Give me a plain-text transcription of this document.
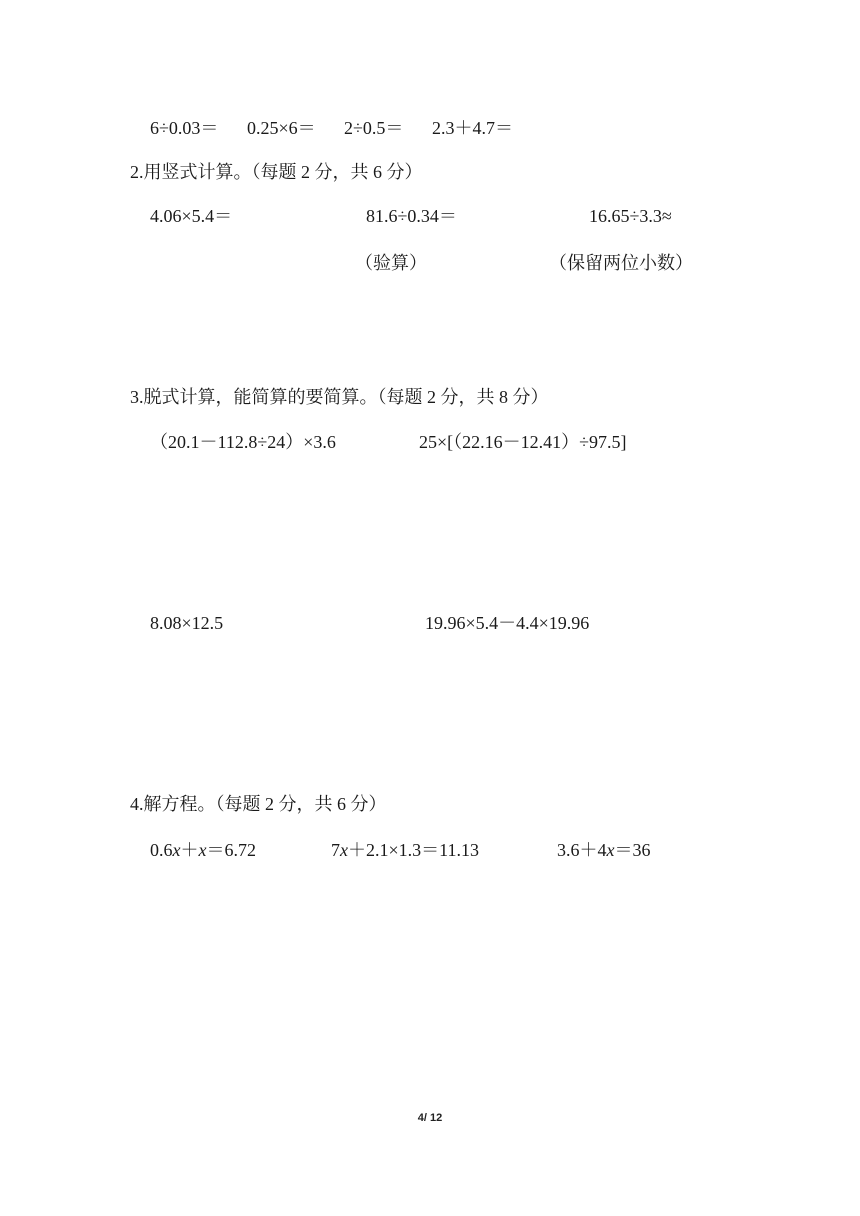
6÷0.03＝ 0.25×6＝ 2÷0.5＝ 2.3＋4.7＝
2.用竖式计算。（每题 2 分，共 6 分）
4.06×5.4＝	81.6÷0.34＝	16.65÷3.3≈
（验算）	（保留两位小数）
3.脱式计算，能简算的要简算。（每题 2 分，共 8 分）
（20.1－112.8÷24）×3.6	25×[（22.16－12.41）÷97.5]
8.08×12.5	19.96×5.4－4.4×19.96
4.解方程。（每题 2 分，共 6 分）
0.6x＋x＝6.72	7x＋2.1×1.3＝11.13	3.6＋4x＝36
4/ 12
